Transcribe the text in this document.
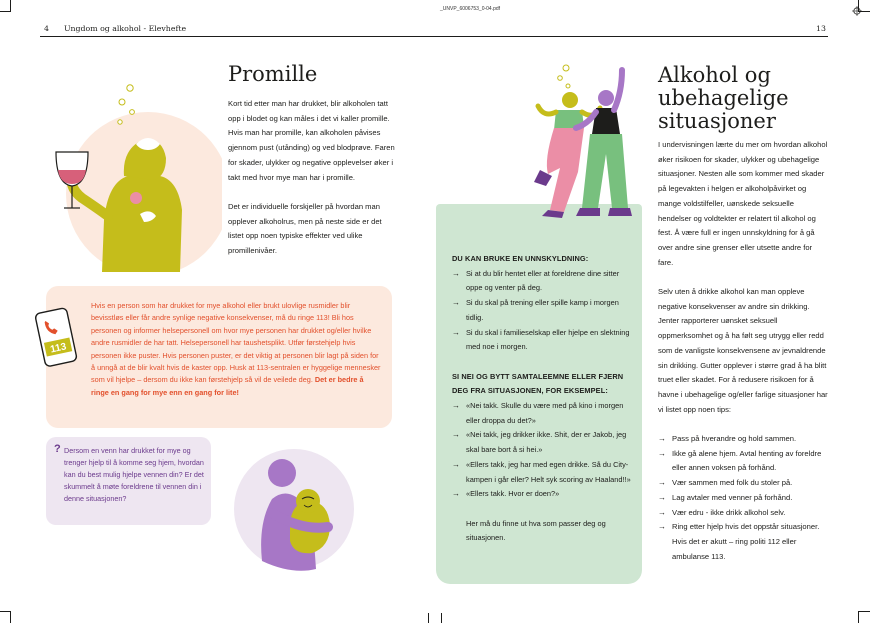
4 Ungdom og alkohol - Elevhefte
_UNVP_6006753_0-04.pdf
13
Promille

Kort tid etter man har drukket, blir alkoholen tatt opp i blodet og kan måles i det vi kaller promille. Hvis man har promille, kan alkoholen påvises gjennom pust (utånding) og ved blodprøve. Faren for skader, ulykker og negative opplevelser øker i takt med hvor mye man har i promille.

Det er individuelle forskjeller på hvordan man opplever alkoholrus, men på neste side er det listet opp noen typiske effekter ved ulike promillenivåer.

113
Hvis en person som har drukket for mye alkohol eller brukt ulovlige rusmidler blir bevisstløs eller får andre synlige negative konsekvenser, må du ringe 113! Bli hos personen og informer helsepersonell om hvor mye personen har drukket og/eller hvilke andre rusmidler de har tatt. Helsepersonell har taushetsplikt. Utfør førstehjelp hvis personen ikke puster. Hvis personen puster, er det viktig at personen blir lagt på siden for å unngå at de blir kvalt hvis de kaster opp. Husk at 113-sentralen er hyggelige mennesker som vil hjelpe – dersom du ikke kan førstehjelp så vil de veilede deg. Det er bedre å ringe en gang for mye enn en gang for lite!
? Dersom en venn har drukket for mye og trenger hjelp til å komme seg hjem, hvordan kan du best mulig hjelpe vennen din? Er det skummelt å møte foreldrene til vennen din i denne situasjonen?
DU KAN BRUKE EN UNNSKYLDNING:
→ Si at du blir hentet eller at foreldrene dine sitter oppe og venter på deg.
→ Si du skal på trening eller spille kamp i morgen tidlig.
→ Si du skal i familieselskap eller hjelpe en slektning med noe i morgen.
SI NEI OG BYTT SAMTALEEMNE ELLER FJERN DEG FRA SITUASJONEN, FOR EKSEMPEL:
→ «Nei takk. Skulle du være med på kino i morgen eller droppa du det?»
→ «Nei takk, jeg drikker ikke. Shit, der er Jakob, jeg skal bare bort å si hei.»
→ «Ellers takk, jeg har med egen drikke. Så du City-kampen i går eller? Helt syk scoring av Haaland!!»
→ «Ellers takk. Hvor er doen?»
Her må du finne ut hva som passer deg og situasjonen.
Alkohol og
ubehagelige
situasjoner

I undervisningen lærte du mer om hvordan alkohol øker risikoen for skader, ulykker og ubehagelige situasjoner. Nesten alle som kommer med skader på legevakten i helgen er alkoholpåvirket og mange voldstilfeller, uønskede seksuelle hendelser og voldtekter er relatert til alkohol og fest. Å være full er ingen unnskyldning for å gå over andre sine grenser eller utsette andre for fare.

Selv uten å drikke alkohol kan man oppleve negative konsekvenser av andre sin drikking. Jenter rapporterer uønsket seksuell oppmerksomhet og å ha følt seg utrygg eller redd som de vanligste konsekvensene av jevnaldrende sin drikking. Gutter opplever i større grad å ha blitt truet eller skadet. For å redusere risikoen for å havne i ubehagelige og/eller farlige situasjoner har vi listet opp noen tips:

→ Pass på hverandre og hold sammen.
→ Ikke gå alene hjem. Avtal henting av foreldre eller annen voksen på forhånd.
→ Vær sammen med folk du stoler på.
→ Lag avtaler med venner på forhånd.
→ Vær edru - ikke drikk alkohol selv.
→ Ring etter hjelp hvis det oppstår situasjoner. Hvis det er akutt – ring politi 112 eller ambulanse 113.
